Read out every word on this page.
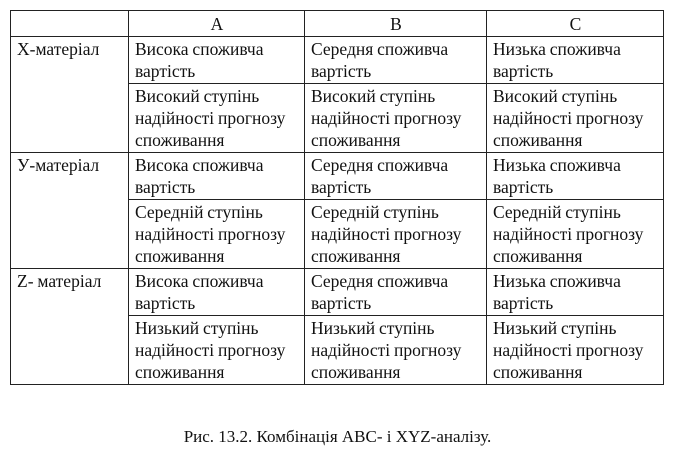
	A	B	C
X-матеріал	Висока споживча вартість	Середня споживча вартість	Низька споживча вартість
	Високий ступінь надійності прогнозу споживання	Високий ступінь надійності прогнозу споживання	Високий ступінь надійності прогнозу споживання
У-матеріал	Висока споживча вартість	Середня споживча вартість	Низька споживча вартість
	Середній ступінь надійності прогнозу споживання	Середній ступінь надійності прогнозу споживання	Середній ступінь надійності прогнозу споживання
Z- матеріал	Висока споживча вартість	Середня споживча вартість	Низька споживча вартість
	Низький ступінь надійності прогнозу споживання	Низький ступінь надійності прогнозу споживання	Низький ступінь надійності прогнозу споживання
Рис. 13.2. Комбінація АВС- і XYZ-аналізу.
